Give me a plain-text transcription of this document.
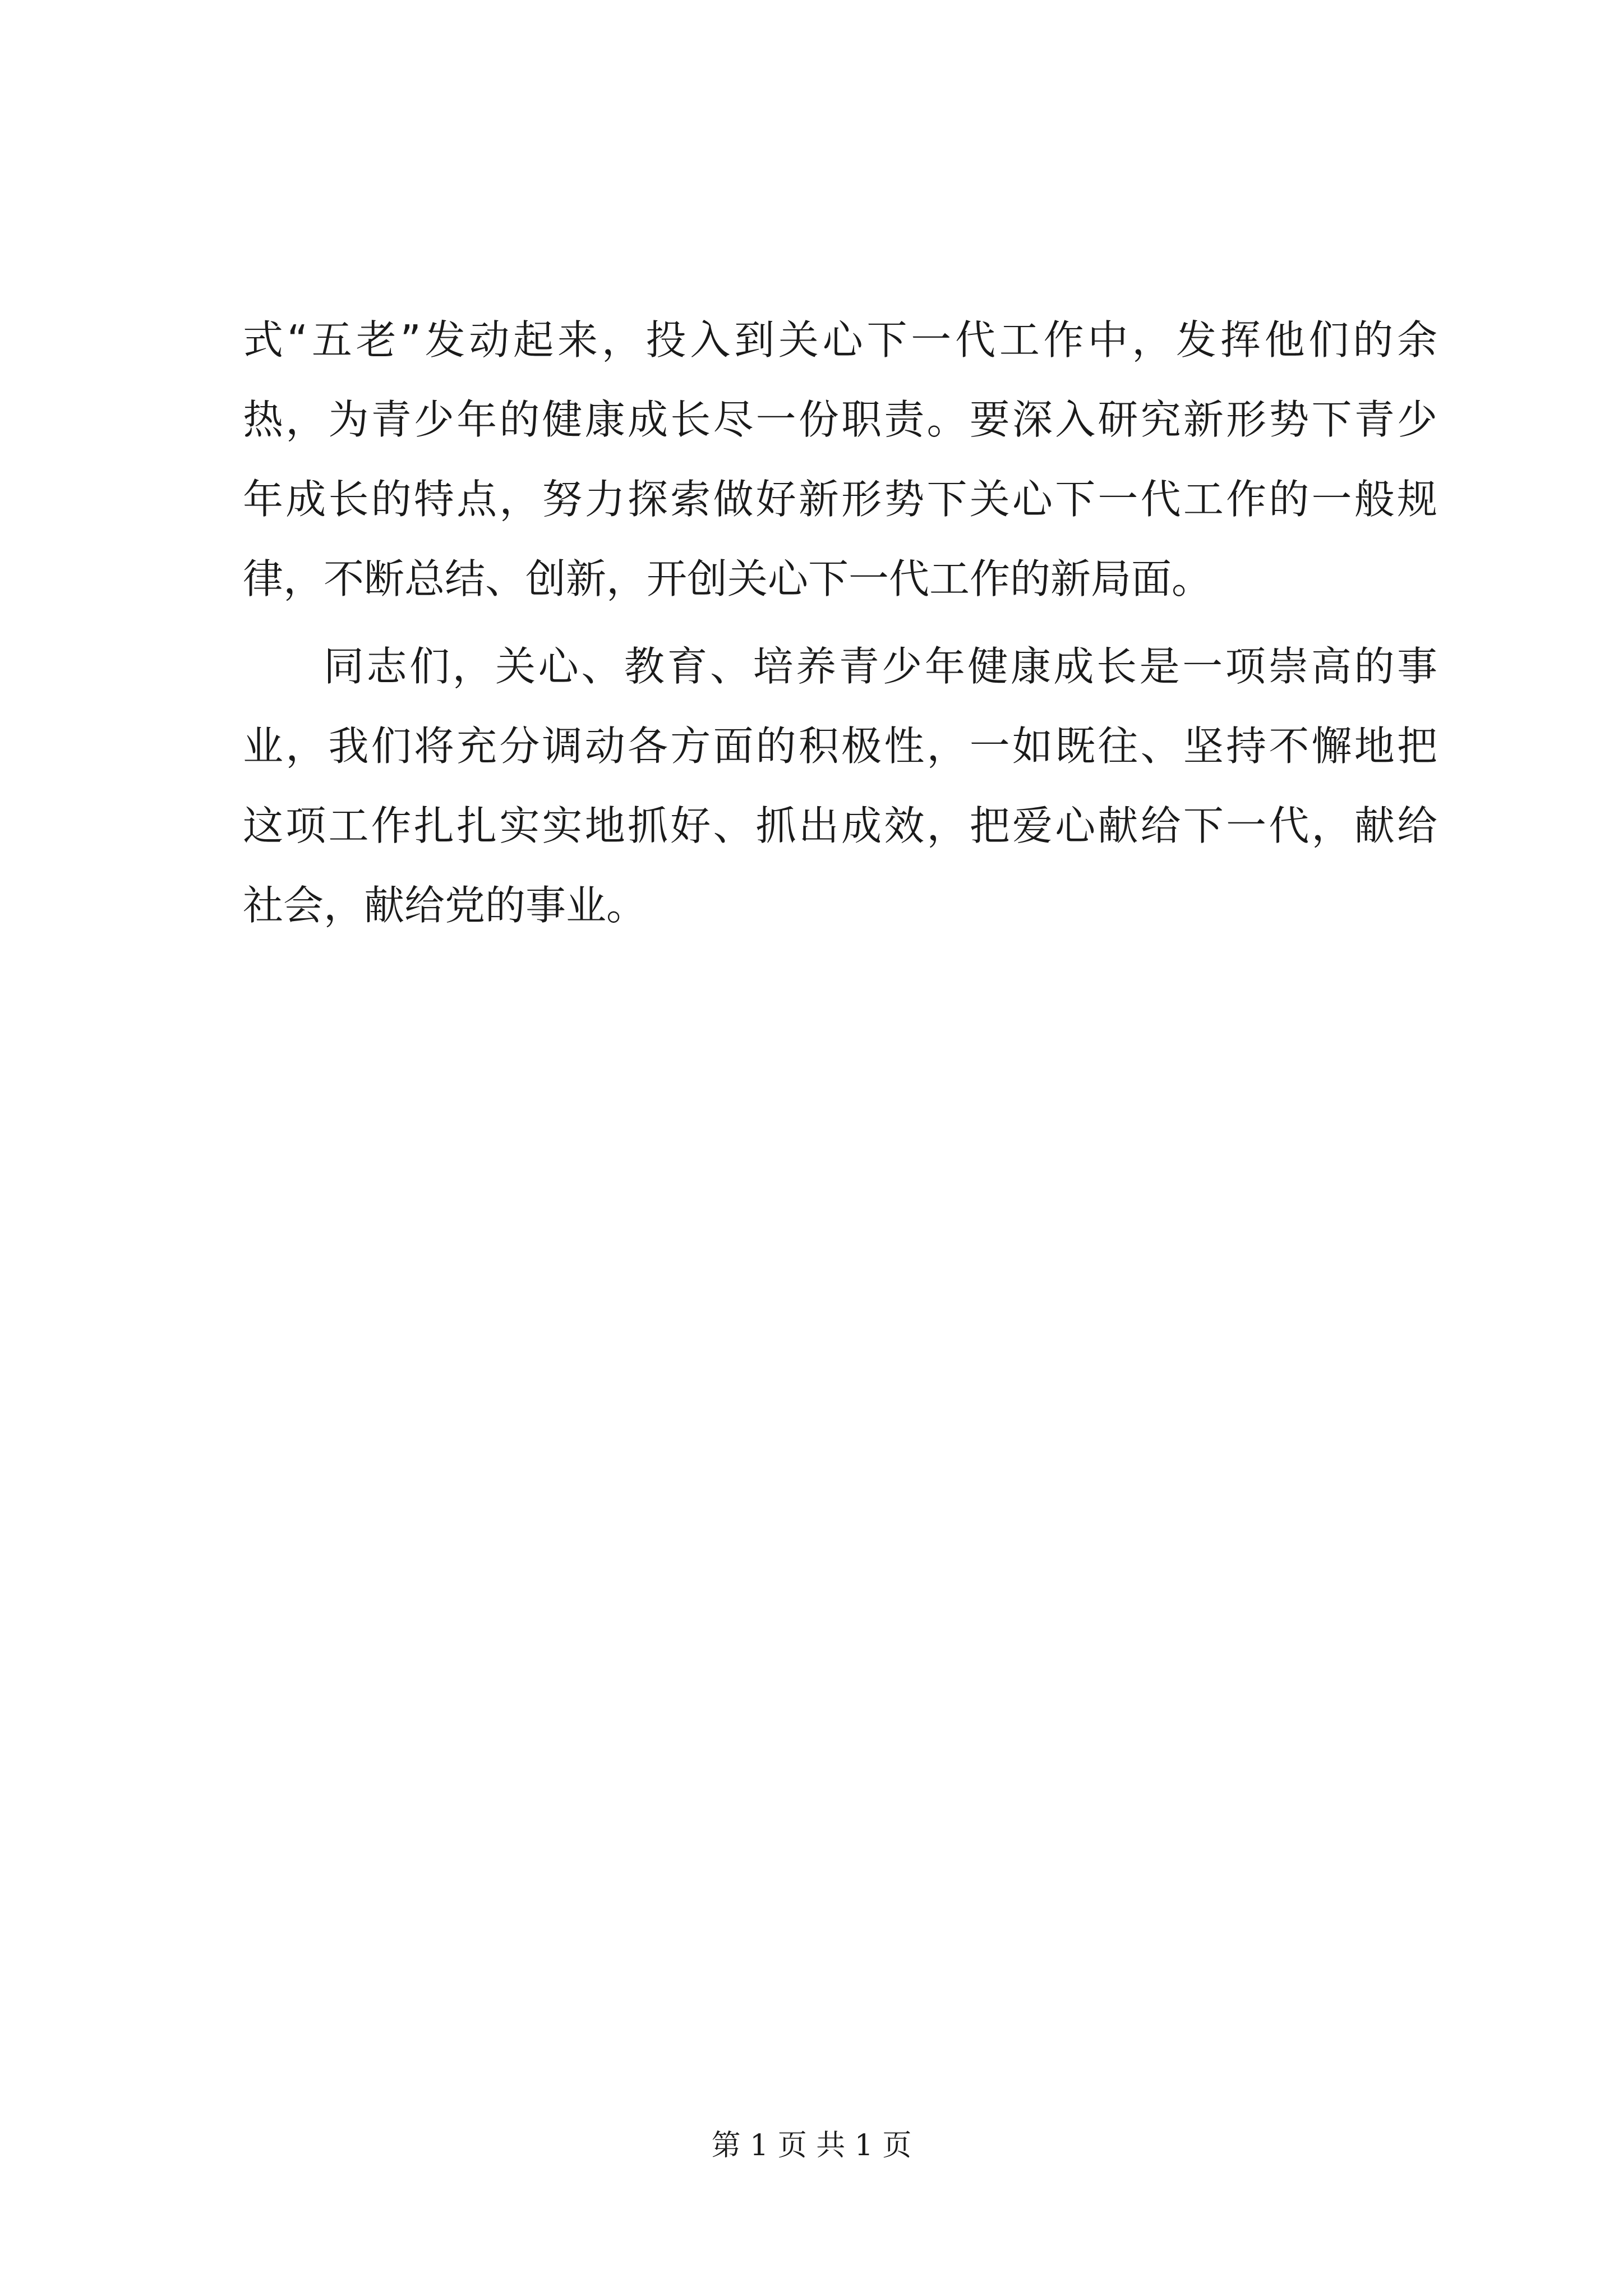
式“五老”发动起来，投入到关心下一代工作中，发挥他们的余
热，为青少年的健康成长尽一份职责。要深入研究新形势下青少
年成长的特点，努力探索做好新形势下关心下一代工作的一般规
律，不断总结、创新，开创关心下一代工作的新局面。
同志们，关心、教育、培养青少年健康成长是一项崇高的事
业，我们将充分调动各方面的积极性，一如既往、坚持不懈地把
这项工作扎扎实实地抓好、抓出成效，把爱心献给下一代，献给
社会，献给党的事业。
第 1 页 共 1 页
